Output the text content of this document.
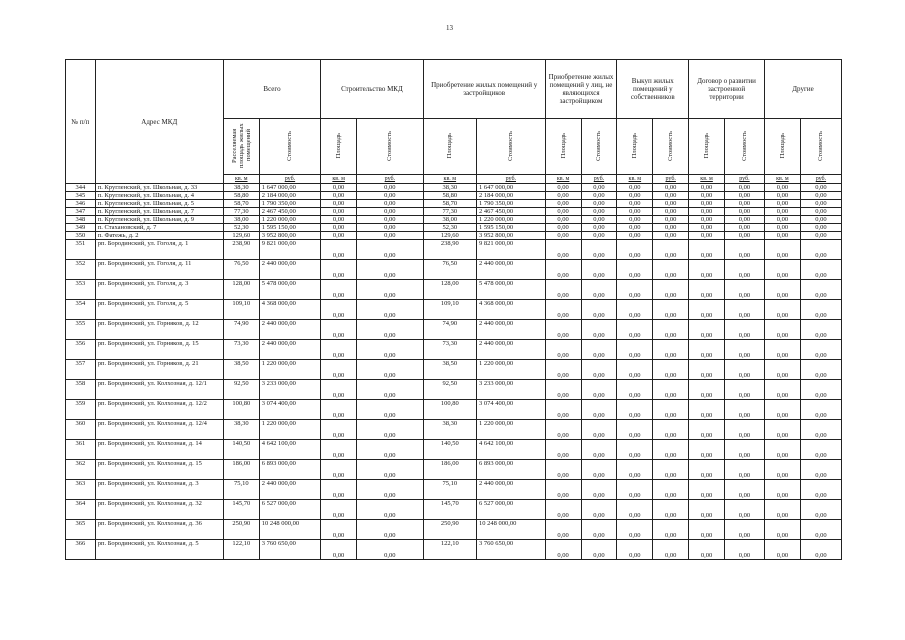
13
№ п/п	Адрес МКД	Всего		Строительство МКД		Приобретение жилых помещений у застройщиков		Приобретение жилых помещений у лиц, не являющихся застройщиком		Выкуп жилых помещений у собственников		Договор о развитии застроенной территории		Другие	
		Расселяемая площадь жилых помещений	Стоимость	Площадь	Стоимость	Площадь	Стоимость	Площадь	Стоимость	Площадь	Стоимость	Площадь	Стоимость	Площадь	Стоимость
		кв. м	руб.	кв. м	руб.	кв. м	руб.	кв. м	руб.	кв. м	руб.	кв. м	руб.	кв. м	руб.
344	п. Кругленский, ул. Школьная, д. 33	38,30	1 647 000,00	0,00	0,00	38,30	1 647 000,00	0,00	0,00	0,00	0,00	0,00	0,00	0,00	0,00
345	п. Кругленский, ул. Школьная, д. 4	58,80	2 184 000,00	0,00	0,00	58,80	2 184 000,00	0,00	0,00	0,00	0,00	0,00	0,00	0,00	0,00
346	п. Кругленский, ул. Школьная, д. 5	58,70	1 790 350,00	0,00	0,00	58,70	1 790 350,00	0,00	0,00	0,00	0,00	0,00	0,00	0,00	0,00
347	п. Кругленский, ул. Школьная, д. 7	77,30	2 467 450,00	0,00	0,00	77,30	2 467 450,00	0,00	0,00	0,00	0,00	0,00	0,00	0,00	0,00
348	п. Кругленский, ул. Школьная, д. 9	38,00	1 220 000,00	0,00	0,00	38,00	1 220 000,00	0,00	0,00	0,00	0,00	0,00	0,00	0,00	0,00
349	п. Стахановский, д. 7	52,30	1 595 150,00	0,00	0,00	52,30	1 595 150,00	0,00	0,00	0,00	0,00	0,00	0,00	0,00	0,00
350	п. Фатежь, д. 2	129,60	3 952 800,00	0,00	0,00	129,60	3 952 800,00	0,00	0,00	0,00	0,00	0,00	0,00	0,00	0,00
351	рп. Бородинский, ул. Гоголя, д. 1	238,90	9 821 000,00	0,00	0,00	238,90	9 821 000,00	0,00	0,00	0,00	0,00	0,00	0,00	0,00	0,00
352	рп. Бородинский, ул. Гоголя, д. 11	76,50	2 440 000,00	0,00	0,00	76,50	2 440 000,00	0,00	0,00	0,00	0,00	0,00	0,00	0,00	0,00
353	рп. Бородинский, ул. Гоголя, д. 3	128,00	5 478 000,00	0,00	0,00	128,00	5 478 000,00	0,00	0,00	0,00	0,00	0,00	0,00	0,00	0,00
354	рп. Бородинский, ул. Гоголя, д. 5	109,10	4 368 000,00	0,00	0,00	109,10	4 368 000,00	0,00	0,00	0,00	0,00	0,00	0,00	0,00	0,00
355	рп. Бородинский, ул. Горняков, д. 12	74,90	2 440 000,00	0,00	0,00	74,90	2 440 000,00	0,00	0,00	0,00	0,00	0,00	0,00	0,00	0,00
356	рп. Бородинский, ул. Горняков, д. 15	73,30	2 440 000,00	0,00	0,00	73,30	2 440 000,00	0,00	0,00	0,00	0,00	0,00	0,00	0,00	0,00
357	рп. Бородинский, ул. Горняков, д. 21	38,50	1 220 000,00	0,00	0,00	38,50	1 220 000,00	0,00	0,00	0,00	0,00	0,00	0,00	0,00	0,00
358	рп. Бородинский, ул. Колхозная, д. 12/1	92,50	3 233 000,00	0,00	0,00	92,50	3 233 000,00	0,00	0,00	0,00	0,00	0,00	0,00	0,00	0,00
359	рп. Бородинский, ул. Колхозная, д. 12/2	100,80	3 074 400,00	0,00	0,00	100,80	3 074 400,00	0,00	0,00	0,00	0,00	0,00	0,00	0,00	0,00
360	рп. Бородинский, ул. Колхозная, д. 12/4	38,30	1 220 000,00	0,00	0,00	38,30	1 220 000,00	0,00	0,00	0,00	0,00	0,00	0,00	0,00	0,00
361	рп. Бородинский, ул. Колхозная, д. 14	140,50	4 642 100,00	0,00	0,00	140,50	4 642 100,00	0,00	0,00	0,00	0,00	0,00	0,00	0,00	0,00
362	рп. Бородинский, ул. Колхозная, д. 15	186,00	6 893 000,00	0,00	0,00	186,00	6 893 000,00	0,00	0,00	0,00	0,00	0,00	0,00	0,00	0,00
363	рп. Бородинский, ул. Колхозная, д. 3	75,10	2 440 000,00	0,00	0,00	75,10	2 440 000,00	0,00	0,00	0,00	0,00	0,00	0,00	0,00	0,00
364	рп. Бородинский, ул. Колхозная, д. 32	145,70	6 527 000,00	0,00	0,00	145,70	6 527 000,00	0,00	0,00	0,00	0,00	0,00	0,00	0,00	0,00
365	рп. Бородинский, ул. Колхозная, д. 36	250,90	10 248 000,00	0,00	0,00	250,90	10 248 000,00	0,00	0,00	0,00	0,00	0,00	0,00	0,00	0,00
366	рп. Бородинский, ул. Колхозная, д. 5	122,10	3 760 650,00	0,00	0,00	122,10	3 760 650,00	0,00	0,00	0,00	0,00	0,00	0,00	0,00	0,00
